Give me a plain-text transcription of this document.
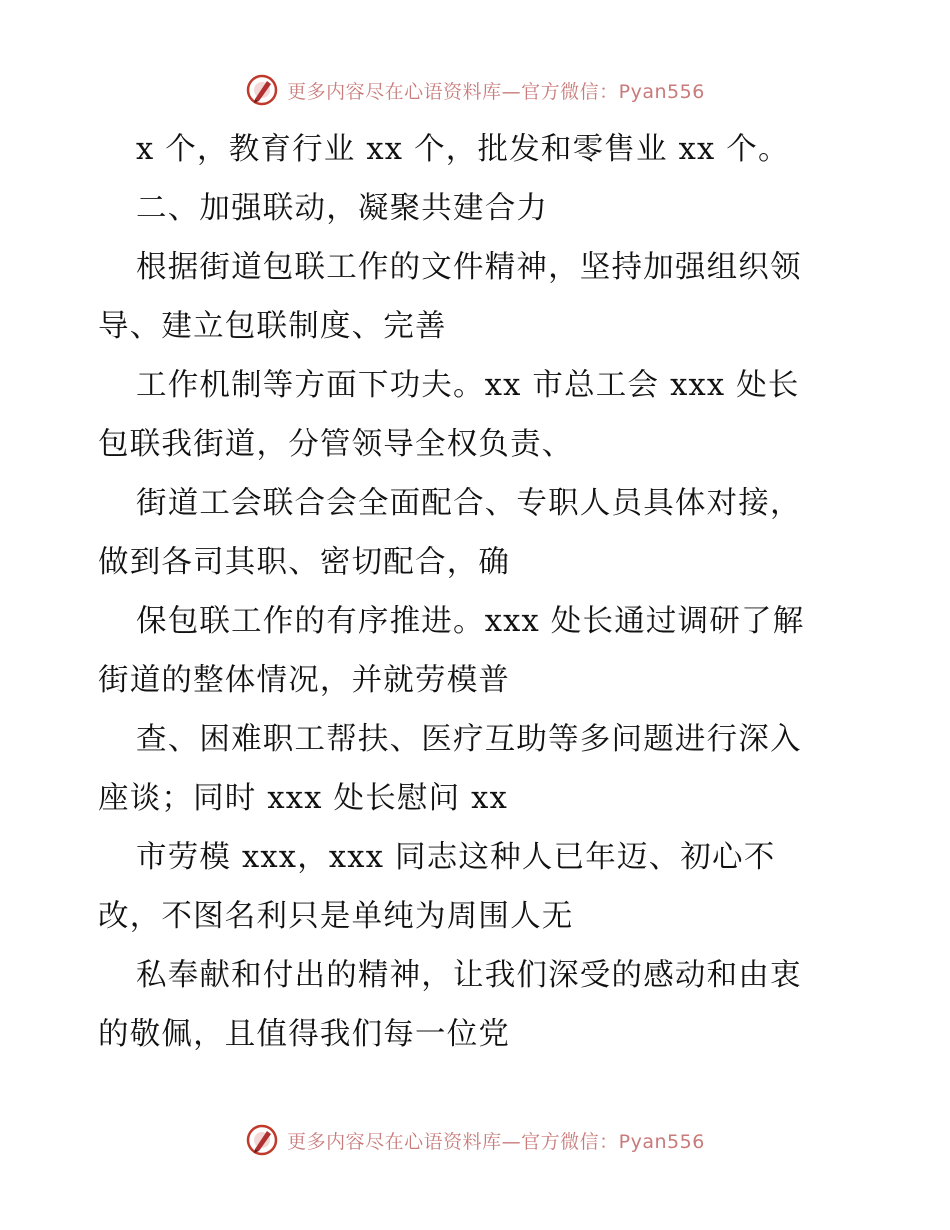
更多内容尽在心语资料库—官方微信：Pyan556
x 个，教育行业 xx 个，批发和零售业 xx 个。
二、加强联动，凝聚共建合力
根据街道包联工作的文件精神，坚持加强组织领
导、建立包联制度、完善
工作机制等方面下功夫。xx 市总工会 xxx 处长
包联我街道，分管领导全权负责、
街道工会联合会全面配合、专职人员具体对接，
做到各司其职、密切配合，确
保包联工作的有序推进。xxx 处长通过调研了解
街道的整体情况，并就劳模普
查、困难职工帮扶、医疗互助等多问题进行深入
座谈；同时 xxx 处长慰问 xx
市劳模 xxx，xxx 同志这种人已年迈、初心不
改，不图名利只是单纯为周围人无
私奉献和付出的精神，让我们深受的感动和由衷
的敬佩，且值得我们每一位党
更多内容尽在心语资料库—官方微信：Pyan556
